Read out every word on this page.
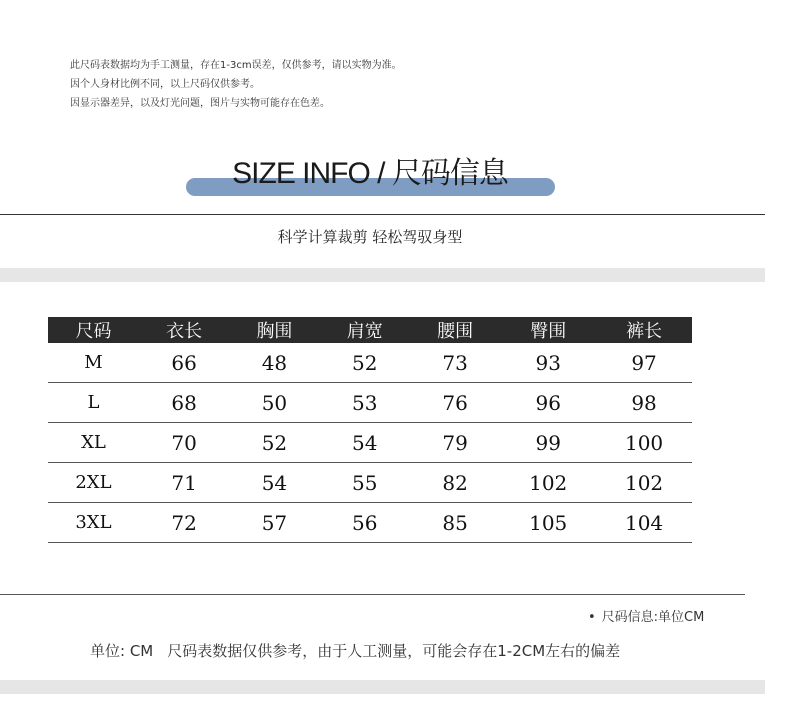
此尺码表数据均为手工测量，存在1-3cm误差，仅供参考，请以实物为准。
因个人身材比例不同，以上尺码仅供参考。
因显示器差异，以及灯光问题，图片与实物可能存在色差。
SIZE INFO / 尺码信息
科学计算裁剪 轻松驾驭身型
尺码	衣长	胸围	肩宽	腰围	臀围	裤长
M	66	48	52	73	93	97
L	68	50	53	76	96	98
XL	70	52	54	79	99	100
2XL	71	54	55	82	102	102
3XL	72	57	56	85	105	104
• 尺码信息:单位CM
单位: CM 尺码表数据仅供参考，由于人工测量，可能会存在1-2CM左右的偏差
